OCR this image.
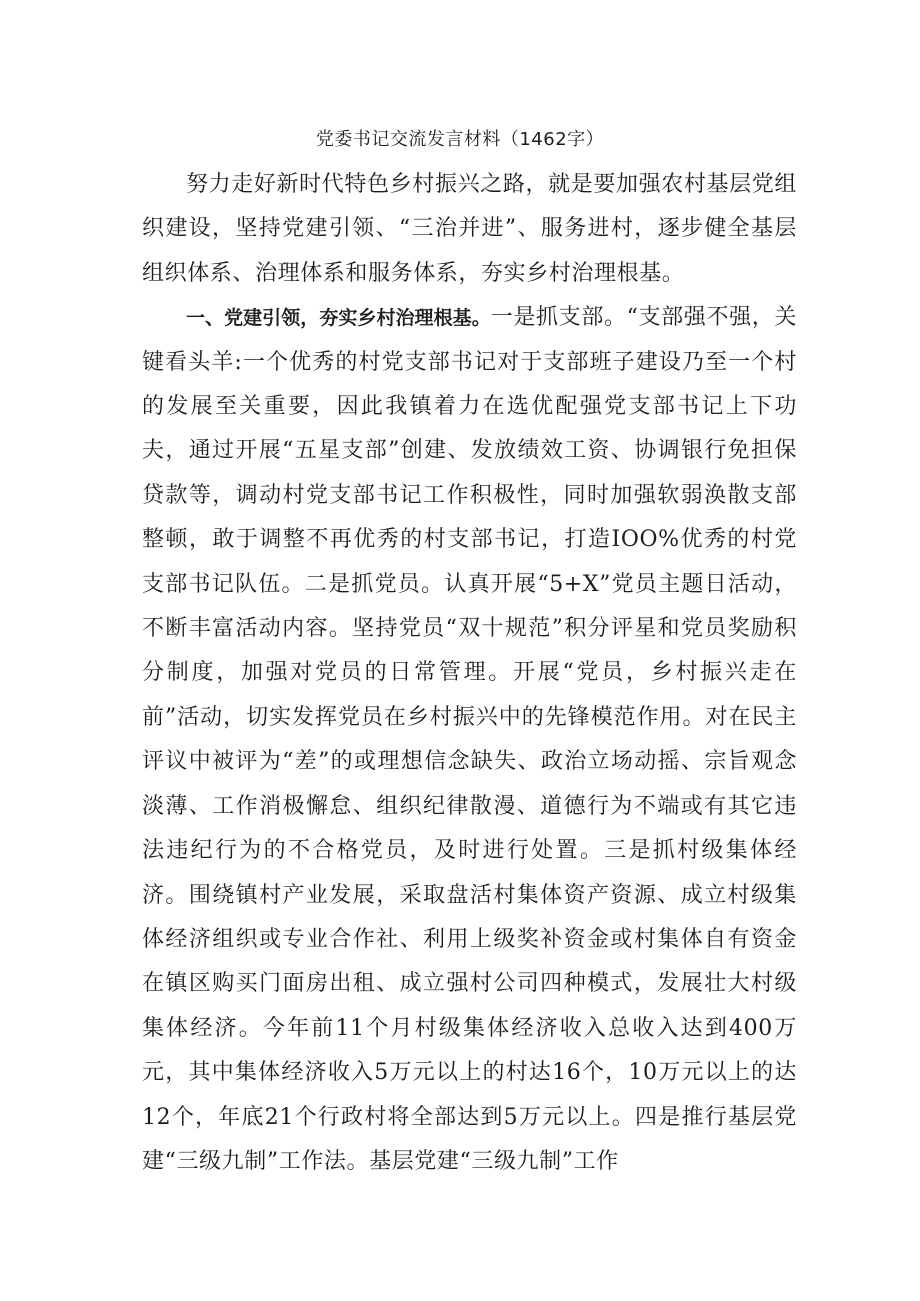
党委书记交流发言材料（1462字）

努力走好新时代特色乡村振兴之路，就是要加强农村基层党组织建设，坚持党建引领、“三治并进”、服务进村，逐步健全基层组织体系、治理体系和服务体系，夯实乡村治理根基。

一、党建引领，夯实乡村治理根基。一是抓支部。“支部强不强，关键看头羊:一个优秀的村党支部书记对于支部班子建设乃至一个村的发展至关重要，因此我镇着力在选优配强党支部书记上下功夫，通过开展“五星支部”创建、发放绩效工资、协调银行免担保贷款等，调动村党支部书记工作积极性，同时加强软弱涣散支部整顿，敢于调整不再优秀的村支部书记，打造IOO%优秀的村党支部书记队伍。二是抓党员。认真开展“5+X”党员主题日活动，不断丰富活动内容。坚持党员“双十规范”积分评星和党员奖励积分制度，加强对党员的日常管理。开展“党员，乡村振兴走在前”活动，切实发挥党员在乡村振兴中的先锋模范作用。对在民主评议中被评为“差”的或理想信念缺失、政治立场动摇、宗旨观念淡薄、工作消极懈怠、组织纪律散漫、道德行为不端或有其它违法违纪行为的不合格党员，及时进行处置。三是抓村级集体经济。围绕镇村产业发展，采取盘活村集体资产资源、成立村级集体经济组织或专业合作社、利用上级奖补资金或村集体自有资金在镇区购买门面房出租、成立强村公司四种模式，发展壮大村级集体经济。今年前11个月村级集体经济收入总收入达到400万元，其中集体经济收入5万元以上的村达16个，10万元以上的达12个，年底21个行政村将全部达到5万元以上。四是推行基层党建“三级九制”工作法。基层党建“三级九制”工作
